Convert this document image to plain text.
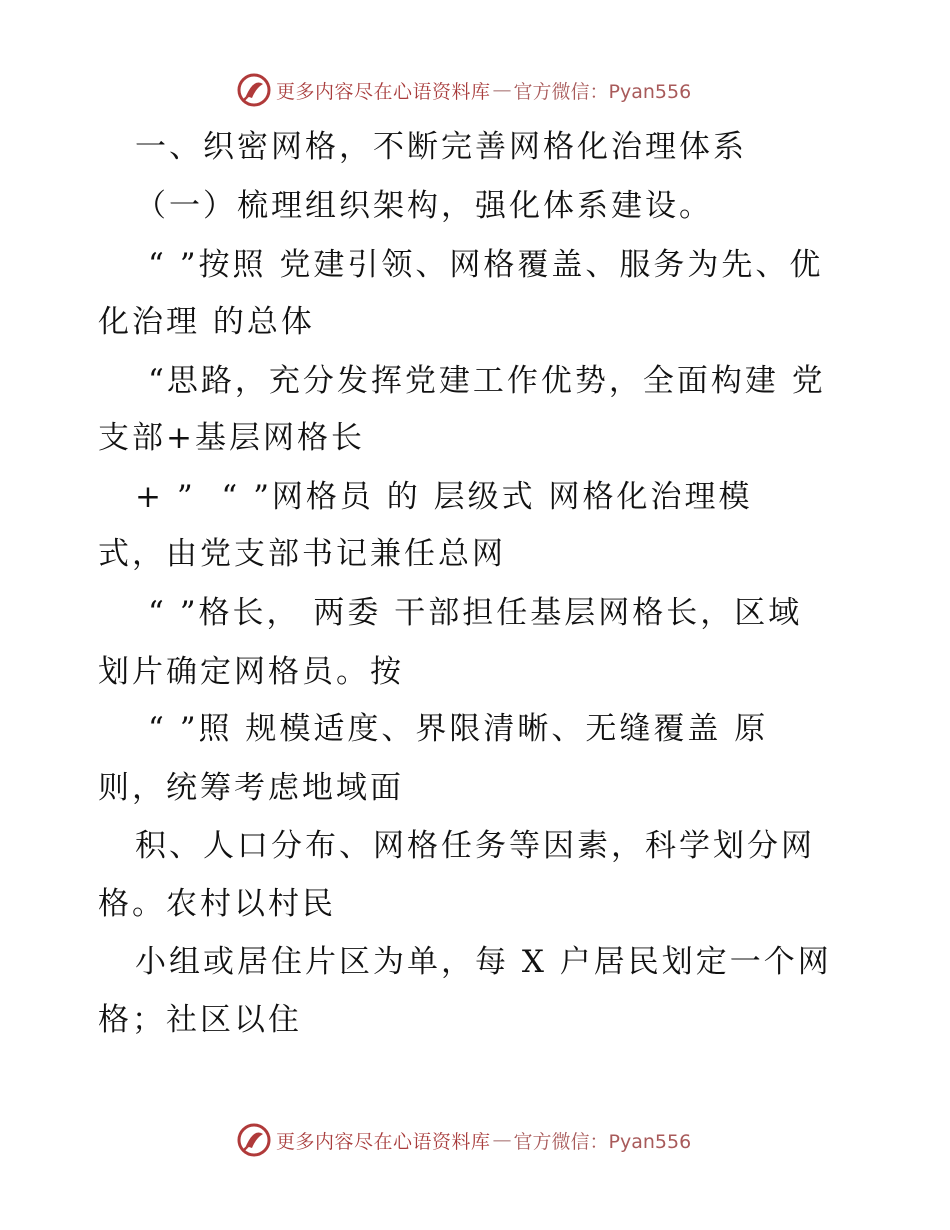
更多内容尽在心语资料库 — 官方微信：Pyan556
一、织密网格，不断完善网格化治理体系
（一）梳理组织架构，强化体系建设。
“ ”按照 党建引领、网格覆盖、服务为先、优
化治理 的总体
“思路，充分发挥党建工作优势，全面构建 党
支部+基层网格长
+ ”  “ ”网格员 的 层级式 网格化治理模
式，由党支部书记兼任总网
“ ”格长， 两委 干部担任基层网格长，区域
划片确定网格员。按
“ ”照 规模适度、界限清晰、无缝覆盖 原
则，统筹考虑地域面
积、人口分布、网格任务等因素，科学划分网
格。农村以村民
小组或居住片区为单，每 X 户居民划定一个网
格；社区以住
更多内容尽在心语资料库 — 官方微信：Pyan556
